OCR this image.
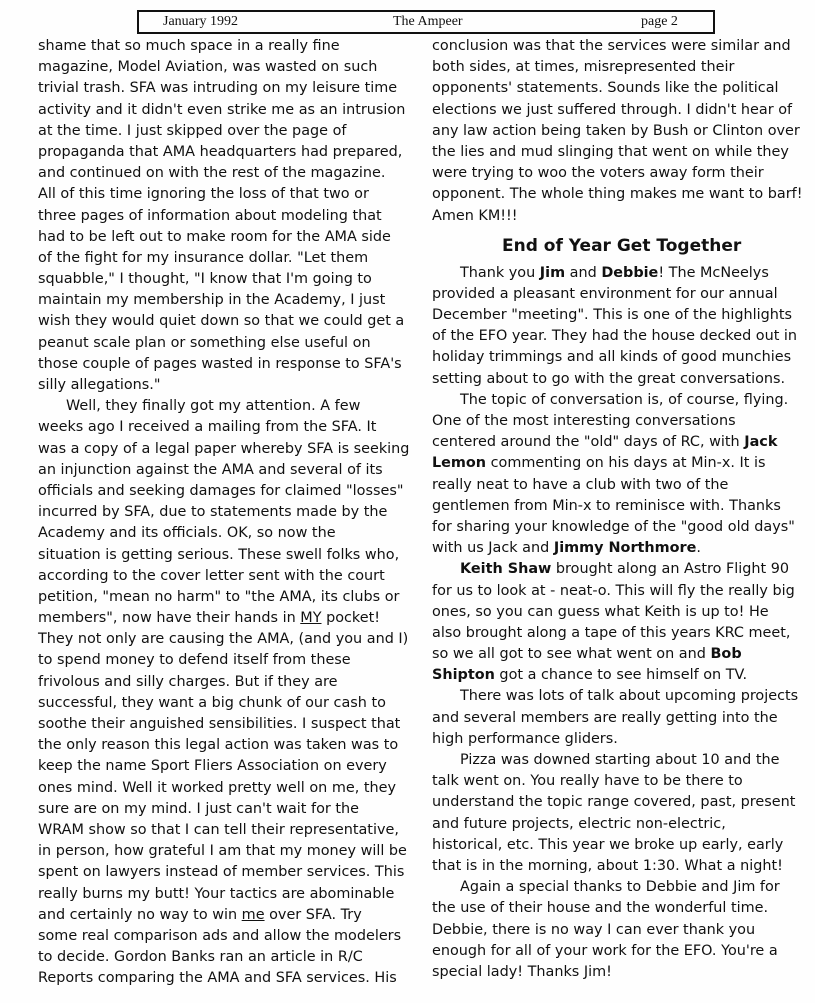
January 1992	The Ampeer	page 2
shame that so much space in a really fine
magazine, Model Aviation, was wasted on such
trivial trash. SFA was intruding on my leisure time
activity and it didn't even strike me as an intrusion
at the time. I just skipped over the page of
propaganda that AMA headquarters had prepared,
and continued on with the rest of the magazine.
All of this time ignoring the loss of that two or
three pages of information about modeling that
had to be left out to make room for the AMA side
of the fight for my insurance dollar. "Let them
squabble," I thought, "I know that I'm going to
maintain my membership in the Academy, I just
wish they would quiet down so that we could get a
peanut scale plan or something else useful on
those couple of pages wasted in response to SFA's
silly allegations."
Well, they finally got my attention. A few
weeks ago I received a mailing from the SFA. It
was a copy of a legal paper whereby SFA is seeking
an injunction against the AMA and several of its
officials and seeking damages for claimed "losses"
incurred by SFA, due to statements made by the
Academy and its officials. OK, so now the
situation is getting serious. These swell folks who,
according to the cover letter sent with the court
petition, "mean no harm" to "the AMA, its clubs or
members", now have their hands in MY pocket!
They not only are causing the AMA, (and you and I)
to spend money to defend itself from these
frivolous and silly charges. But if they are
successful, they want a big chunk of our cash to
soothe their anguished sensibilities. I suspect that
the only reason this legal action was taken was to
keep the name Sport Fliers Association on every
ones mind. Well it worked pretty well on me, they
sure are on my mind. I just can't wait for the
WRAM show so that I can tell their representative,
in person, how grateful I am that my money will be
spent on lawyers instead of member services. This
really burns my butt! Your tactics are abominable
and certainly no way to win me over SFA. Try
some real comparison ads and allow the modelers
to decide. Gordon Banks ran an article in R/C
Reports comparing the AMA and SFA services. His
conclusion was that the services were similar and
both sides, at times, misrepresented their
opponents' statements. Sounds like the political
elections we just suffered through. I didn't hear of
any law action being taken by Bush or Clinton over
the lies and mud slinging that went on while they
were trying to woo the voters away form their
opponent. The whole thing makes me want to barf!
Amen KM!!!
End of Year Get Together
Thank you Jim and Debbie! The McNeelys
provided a pleasant environment for our annual
December "meeting". This is one of the highlights
of the EFO year. They had the house decked out in
holiday trimmings and all kinds of good munchies
setting about to go with the great conversations.
The topic of conversation is, of course, flying.
One of the most interesting conversations
centered around the "old" days of RC, with Jack
Lemon commenting on his days at Min-x. It is
really neat to have a club with two of the
gentlemen from Min-x to reminisce with. Thanks
for sharing your knowledge of the "good old days"
with us Jack and Jimmy Northmore.
Keith Shaw brought along an Astro Flight 90
for us to look at - neat-o. This will fly the really big
ones, so you can guess what Keith is up to! He
also brought along a tape of this years KRC meet,
so we all got to see what went on and Bob
Shipton got a chance to see himself on TV.
There was lots of talk about upcoming projects
and several members are really getting into the
high performance gliders.
Pizza was downed starting about 10 and the
talk went on. You really have to be there to
understand the topic range covered, past, present
and future projects, electric non-electric,
historical, etc. This year we broke up early, early
that is in the morning, about 1:30. What a night!
Again a special thanks to Debbie and Jim for
the use of their house and the wonderful time.
Debbie, there is no way I can ever thank you
enough for all of your work for the EFO. You're a
special lady! Thanks Jim!
